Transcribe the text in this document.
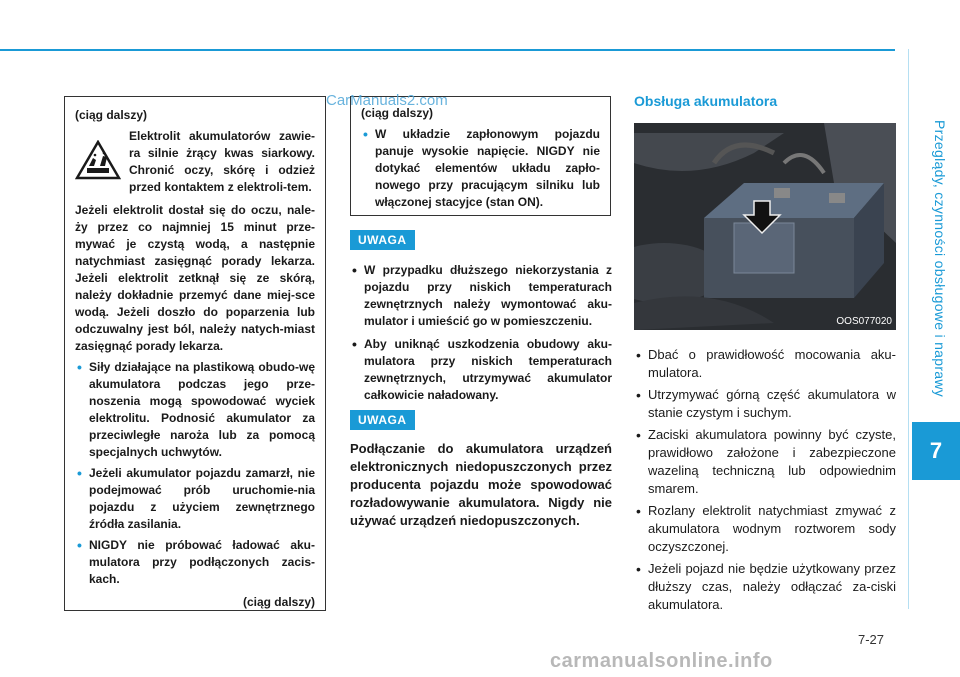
Przeglądy, czynności obsługowe i naprawy
7
(ciąg dalszy)
Elektrolit akumulatorów zawie-ra silnie żrący kwas siarkowy. Chronić oczy, skórę i odzież przed kontaktem z elektroli-tem.
Jeżeli elektrolit dostał się do oczu, nale-ży przez co najmniej 15 minut prze-mywać je czystą wodą, a następnie natychmiast zasięgnąć porady lekarza. Jeżeli elektrolit zetknął się ze skórą, należy dokładnie przemyć dane miej-sce wodą. Jeżeli doszło do poparzenia lub odczuwalny jest ból, należy natych-miast zasięgnąć porady lekarza.
• Siły działające na plastikową obudo-wę akumulatora podczas jego prze-noszenia mogą spowodować wyciek elektrolitu. Podnosić akumulator za przeciwległe naroża lub za pomocą specjalnych uchwytów.
• Jeżeli akumulator pojazdu zamarzł, nie podejmować prób uruchomie-nia pojazdu z użyciem zewnętrznego źródła zasilania.
• NIGDY nie próbować ładować aku-mulatora przy podłączonych zacis-kach.
(ciąg dalszy)
(ciąg dalszy)
• W układzie zapłonowym pojazdu panuje wysokie napięcie. NIGDY nie dotykać elementów układu zapło-nowego przy pracującym silniku lub włączonej stacyjce (stan ON).
UWAGA
• W przypadku dłuższego niekorzystania z pojazdu przy niskich temperaturach zewnętrznych należy wymontować aku-mulator i umieścić go w pomieszczeniu.
• Aby uniknąć uszkodzenia obudowy aku-mulatora przy niskich temperaturach zewnętrznych, utrzymywać akumulator całkowicie naładowany.
UWAGA
Podłączanie do akumulatora urządzeń elektronicznych niedopuszczonych przez producenta pojazdu może spowodować rozładowywanie akumulatora. Nigdy nie używać urządzeń niedopuszczonych.
Obsługa akumulatora
OOS077020
• Dbać o prawidłowość mocowania aku-mulatora.
• Utrzymywać górną część akumulatora w stanie czystym i suchym.
• Zaciski akumulatora powinny być czyste, prawidłowo założone i zabezpieczone wazeliną techniczną lub odpowiednim smarem.
• Rozlany elektrolit natychmiast zmywać z akumulatora wodnym roztworem sody oczyszczonej.
• Jeżeli pojazd nie będzie użytkowany przez dłuższy czas, należy odłączać za-ciski akumulatora.
7-27
CarManuals2.com
carmanualsonline.info
